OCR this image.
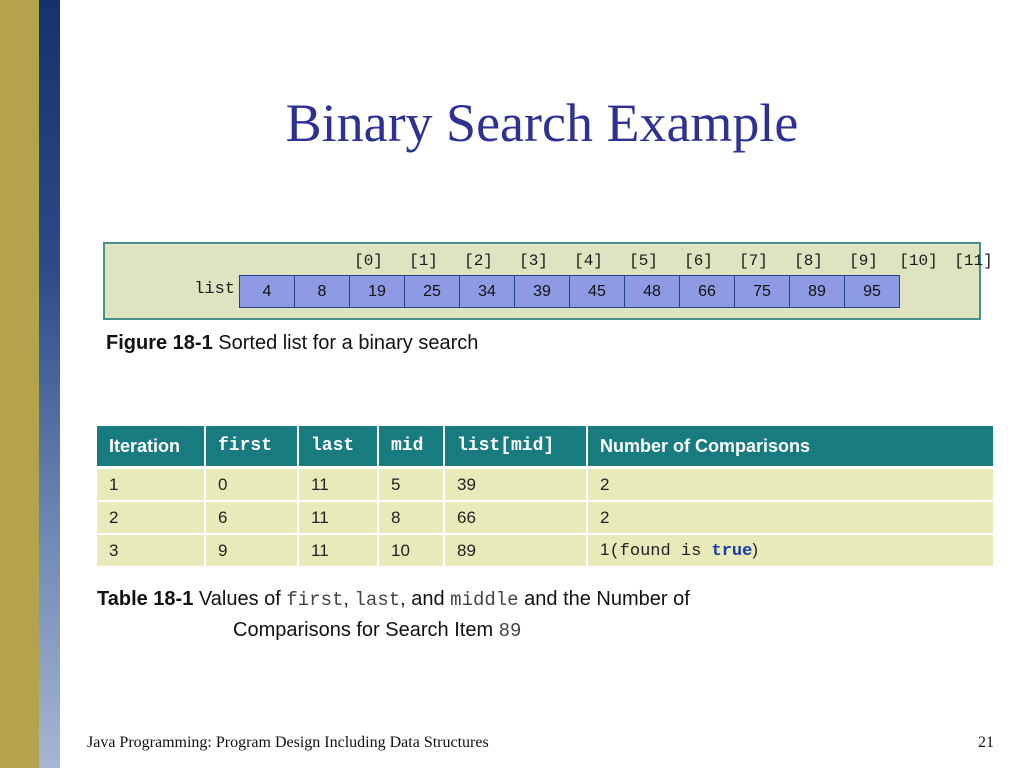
Binary Search Example
[0]	[1]	[2]	[3]	[4]	[5]	[6]	[7]	[8]	[9]	[10]	[11]
list	4	8	19	25	34	39	45	48	66	75	89	95
Figure 18-1 Sorted list for a binary search
Iteration	first	last	mid	list[mid]	Number of Comparisons
1	0	11	5	39	2
2	6	11	8	66	2
3	9	11	10	89	1(found is true)
Table 18-1 Values of first, last, and middle and the Number of
Comparisons for Search Item 89
Java Programming: Program Design Including Data Structures	21
